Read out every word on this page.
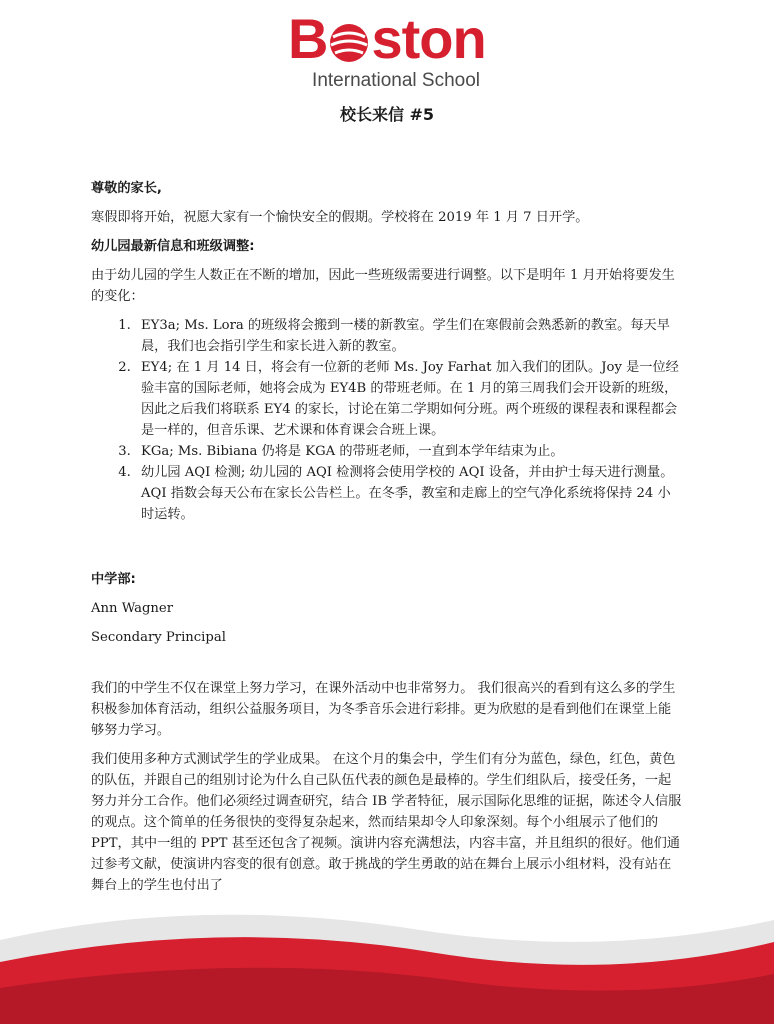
B ston
International School
校长来信 #5

尊敬的家长,

寒假即将开始，祝愿大家有一个愉快安全的假期。学校将在 2019 年 1 月 7 日开学。

幼儿园最新信息和班级调整:

由于幼儿园的学生人数正在不断的增加，因此一些班级需要进行调整。以下是明年 1 月开始将要发生的变化：

1. EY3a; Ms. Lora 的班级将会搬到一楼的新教室。学生们在寒假前会熟悉新的教室。每天早晨，我们也会指引学生和家长进入新的教室。
2. EY4; 在 1 月 14 日，将会有一位新的老师 Ms. Joy Farhat 加入我们的团队。Joy 是一位经验丰富的国际老师，她将会成为 EY4B 的带班老师。在 1 月的第三周我们会开设新的班级，因此之后我们将联系 EY4 的家长，讨论在第二学期如何分班。两个班级的课程表和课程都会是一样的，但音乐课、艺术课和体育课会合班上课。
3. KGa; Ms. Bibiana 仍将是 KGA 的带班老师，一直到本学年结束为止。
4. 幼儿园 AQI 检测; 幼儿园的 AQI 检测将会使用学校的 AQI 设备，并由护士每天进行测量。AQI 指数会每天公布在家长公告栏上。在冬季，教室和走廊上的空气净化系统将保持 24 小时运转。

中学部:

Ann Wagner

Secondary Principal

我们的中学生不仅在课堂上努力学习，在课外活动中也非常努力。 我们很高兴的看到有这么多的学生积极参加体育活动，组织公益服务项目，为冬季音乐会进行彩排。更为欣慰的是看到他们在课堂上能够努力学习。

我们使用多种方式测试学生的学业成果。 在这个月的集会中，学生们有分为蓝色，绿色，红色，黄色的队伍，并跟自己的组别讨论为什么自己队伍代表的颜色是最棒的。学生们组队后，接受任务，一起努力并分工合作。他们必须经过调查研究，结合 IB 学者特征，展示国际化思维的证据，陈述令人信服的观点。这个简单的任务很快的变得复杂起来，然而结果却令人印象深刻。每个小组展示了他们的 PPT，其中一组的 PPT 甚至还包含了视频。演讲内容充满想法，内容丰富，并且组织的很好。他们通过参考文献，使演讲内容变的很有创意。敢于挑战的学生勇敢的站在舞台上展示小组材料，没有站在舞台上的学生也付出了
